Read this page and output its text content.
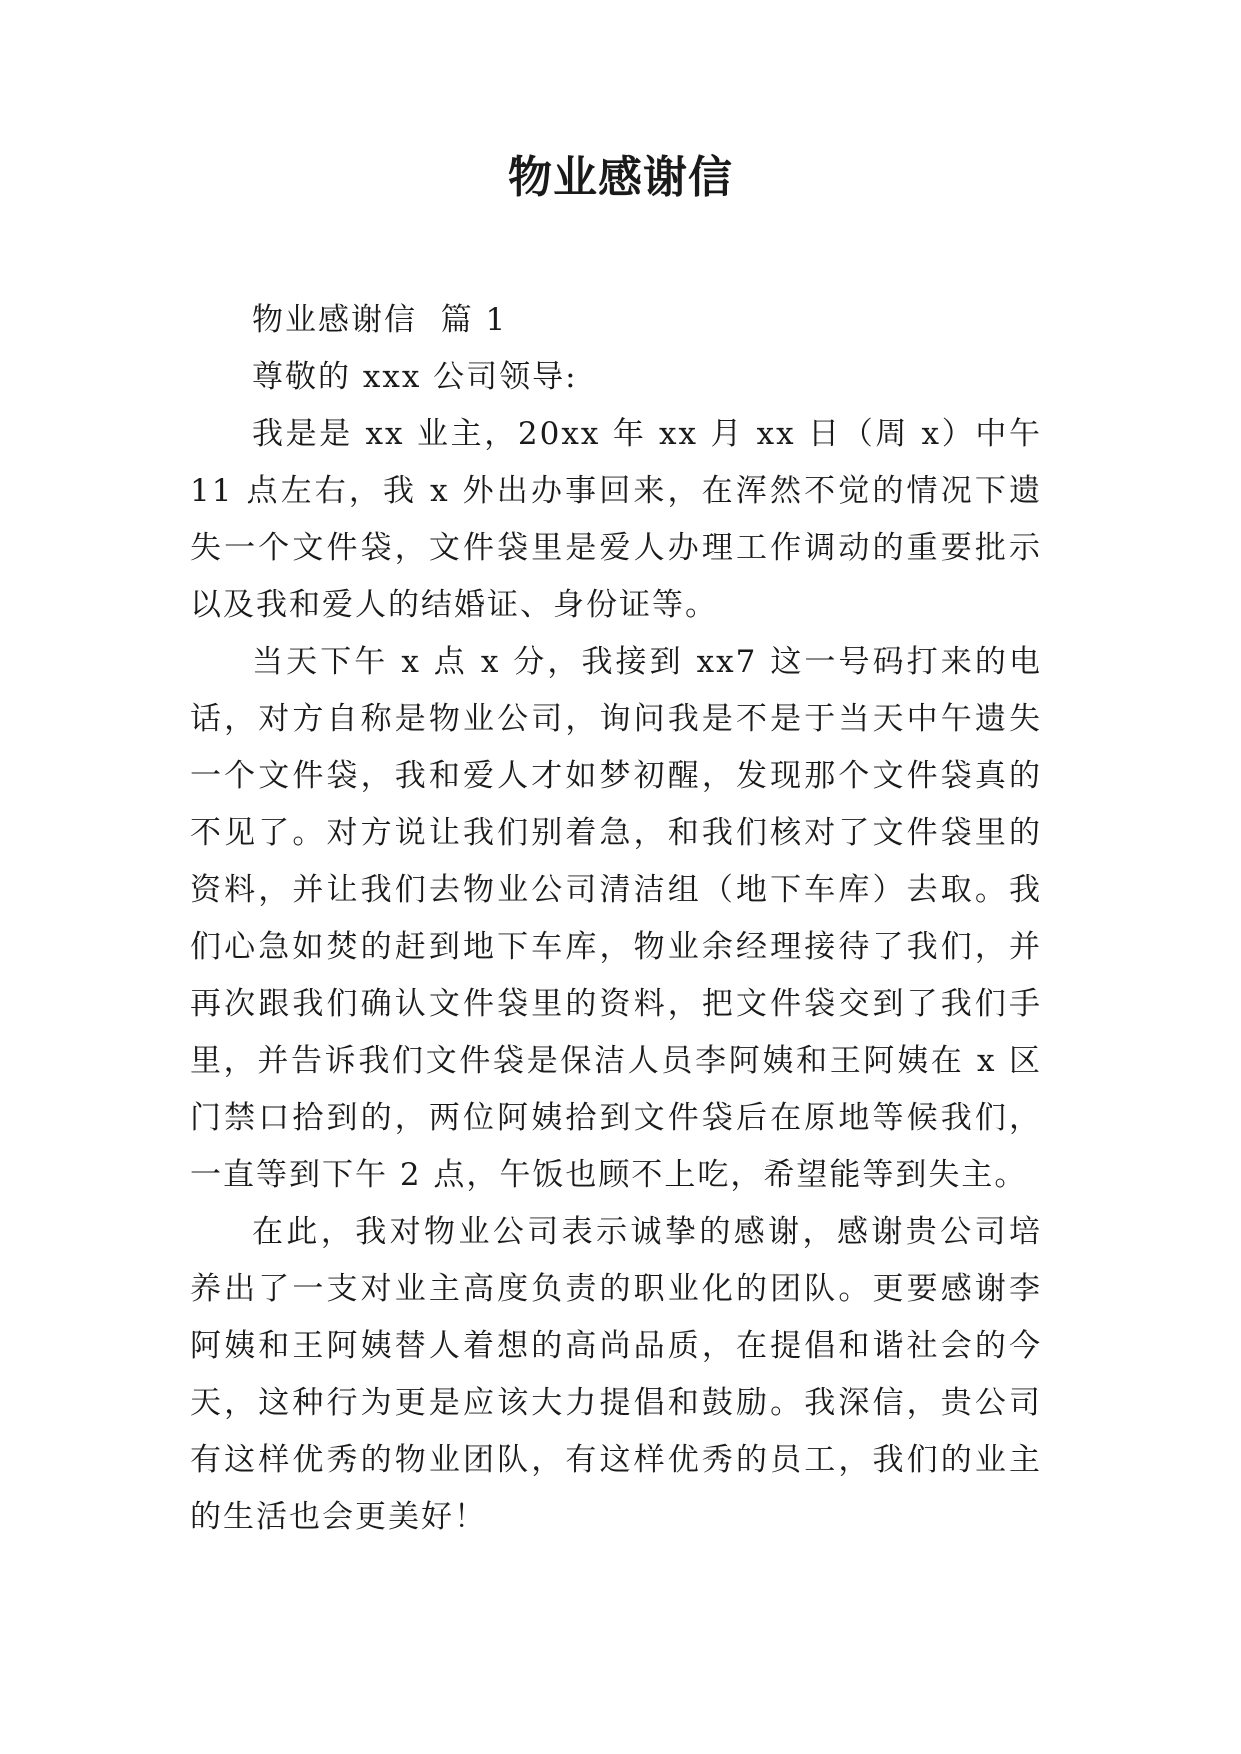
物业感谢信

物业感谢信  篇 1

尊敬的 xxx 公司领导:

我是是 xx 业主，20xx 年 xx 月 xx 日（周 x）中午 11 点左右，我 x 外出办事回来，在浑然不觉的情况下遗失一个文件袋，文件袋里是爱人办理工作调动的重要批示以及我和爱人的结婚证、身份证等。

当天下午 x 点 x 分，我接到 xx7 这一号码打来的电话，对方自称是物业公司，询问我是不是于当天中午遗失一个文件袋，我和爱人才如梦初醒，发现那个文件袋真的不见了。对方说让我们别着急，和我们核对了文件袋里的资料，并让我们去物业公司清洁组（地下车库）去取。我们心急如焚的赶到地下车库，物业余经理接待了我们，并再次跟我们确认文件袋里的资料，把文件袋交到了我们手里，并告诉我们文件袋是保洁人员李阿姨和王阿姨在 x 区门禁口拾到的，两位阿姨拾到文件袋后在原地等候我们，一直等到下午 2 点，午饭也顾不上吃，希望能等到失主。

在此，我对物业公司表示诚挚的感谢，感谢贵公司培养出了一支对业主高度负责的职业化的团队。更要感谢李阿姨和王阿姨替人着想的高尚品质，在提倡和谐社会的今天，这种行为更是应该大力提倡和鼓励。我深信，贵公司有这样优秀的物业团队，有这样优秀的员工，我们的业主的生活也会更美好！
